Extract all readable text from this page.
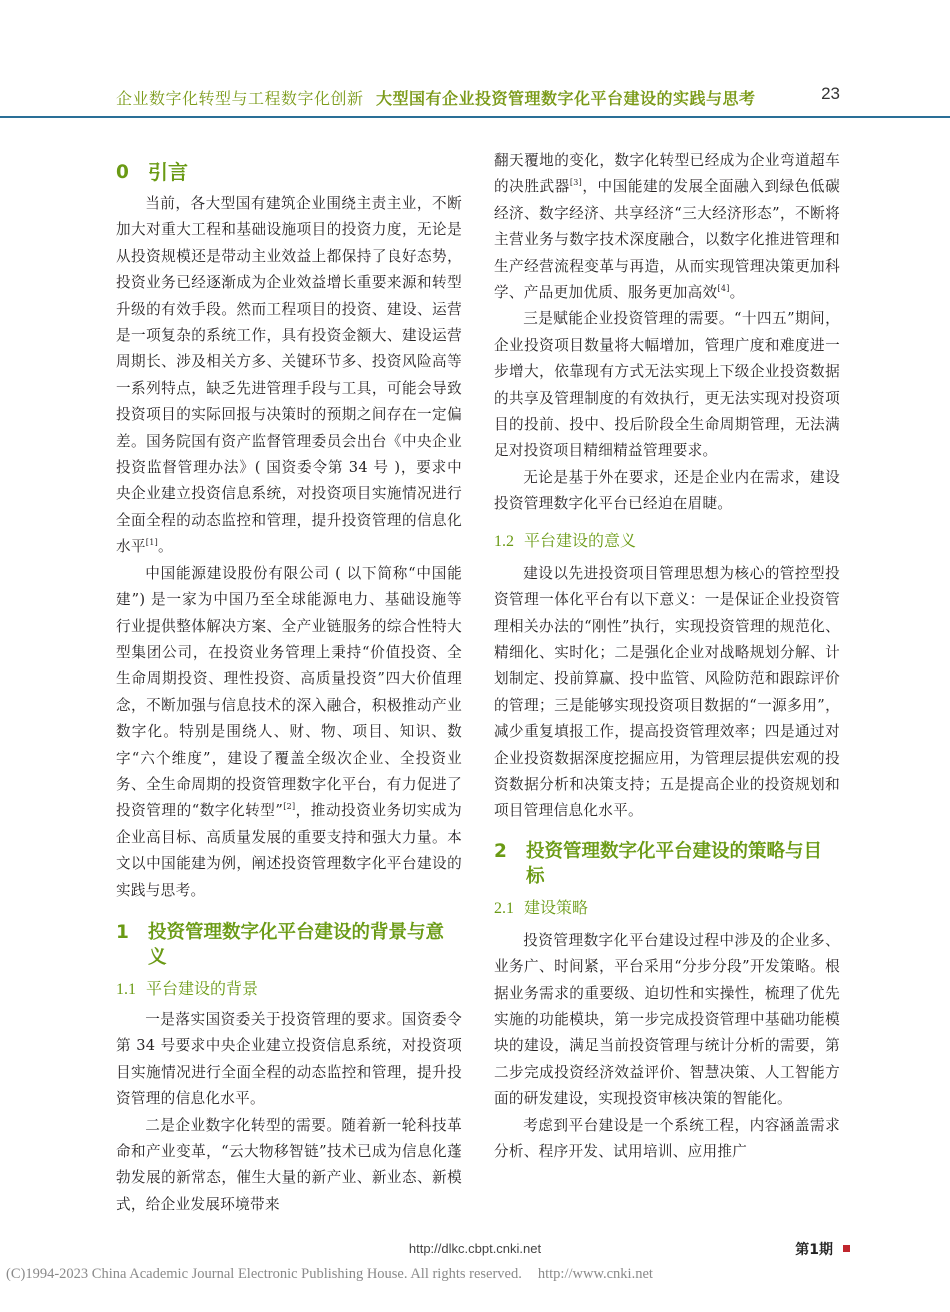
企业数字化转型与工程数字化创新 大型国有企业投资管理数字化平台建设的实践与思考	23
0 引言

当前，各大型国有建筑企业围绕主责主业，不断加大对重大工程和基础设施项目的投资力度，无论是从投资规模还是带动主业效益上都保持了良好态势，投资业务已经逐渐成为企业效益增长重要来源和转型升级的有效手段。然而工程项目的投资、建设、运营是一项复杂的系统工作，具有投资金额大、建设运营周期长、涉及相关方多、关键环节多、投资风险高等一系列特点，缺乏先进管理手段与工具，可能会导致投资项目的实际回报与决策时的预期之间存在一定偏差。国务院国有资产监督管理委员会出台《中央企业投资监督管理办法》( 国资委令第 34 号 )，要求中央企业建立投资信息系统，对投资项目实施情况进行全面全程的动态监控和管理，提升投资管理的信息化水平[1]。

中国能源建设股份有限公司 ( 以下简称“中国能建”) 是一家为中国乃至全球能源电力、基础设施等行业提供整体解决方案、全产业链服务的综合性特大型集团公司，在投资业务管理上秉持“价值投资、全生命周期投资、理性投资、高质量投资”四大价值理念，不断加强与信息技术的深入融合，积极推动产业数字化。特别是围绕人、财、物、项目、知识、数字“六个维度”，建设了覆盖全级次企业、全投资业务、全生命周期的投资管理数字化平台，有力促进了投资管理的“数字化转型”[2]，推动投资业务切实成为企业高目标、高质量发展的重要支持和强大力量。本文以中国能建为例，阐述投资管理数字化平台建设的实践与思考。

1	投资管理数字化平台建设的背景与意义
1.1 平台建设的背景

一是落实国资委关于投资管理的要求。国资委令第 34 号要求中央企业建立投资信息系统，对投资项目实施情况进行全面全程的动态监控和管理，提升投资管理的信息化水平。

二是企业数字化转型的需要。随着新一轮科技革命和产业变革，“云大物移智链”技术已成为信息化蓬勃发展的新常态，催生大量的新产业、新业态、新模式，给企业发展环境带来

翻天覆地的变化，数字化转型已经成为企业弯道超车的决胜武器[3]，中国能建的发展全面融入到绿色低碳经济、数字经济、共享经济“三大经济形态”，不断将主营业务与数字技术深度融合，以数字化推进管理和生产经营流程变革与再造，从而实现管理决策更加科学、产品更加优质、服务更加高效[4]。

三是赋能企业投资管理的需要。“十四五”期间，企业投资项目数量将大幅增加，管理广度和难度进一步增大，依靠现有方式无法实现上下级企业投资数据的共享及管理制度的有效执行，更无法实现对投资项目的投前、投中、投后阶段全生命周期管理，无法满足对投资项目精细精益管理要求。

无论是基于外在要求，还是企业内在需求，建设投资管理数字化平台已经迫在眉睫。

1.2 平台建设的意义

建设以先进投资项目管理思想为核心的管控型投资管理一体化平台有以下意义：一是保证企业投资管理相关办法的“刚性”执行，实现投资管理的规范化、精细化、实时化；二是强化企业对战略规划分解、计划制定、投前算赢、投中监管、风险防范和跟踪评价的管理；三是能够实现投资项目数据的“一源多用”，减少重复填报工作，提高投资管理效率；四是通过对企业投资数据深度挖掘应用，为管理层提供宏观的投资数据分析和决策支持；五是提高企业的投资规划和项目管理信息化水平。

2	投资管理数字化平台建设的策略与目标
2.1 建设策略

投资管理数字化平台建设过程中涉及的企业多、业务广、时间紧，平台采用“分步分段”开发策略。根据业务需求的重要级、迫切性和实操性，梳理了优先实施的功能模块，第一步完成投资管理中基础功能模块的建设，满足当前投资管理与统计分析的需要，第二步完成投资经济效益评价、智慧决策、人工智能方面的研发建设，实现投资审核决策的智能化。

考虑到平台建设是一个系统工程，内容涵盖需求分析、程序开发、试用培训、应用推广

http://dlkc.cbpt.cnki.net	第1期
(C)1994-2023 China Academic Journal Electronic Publishing House. All rights reserved. http://www.cnki.net
